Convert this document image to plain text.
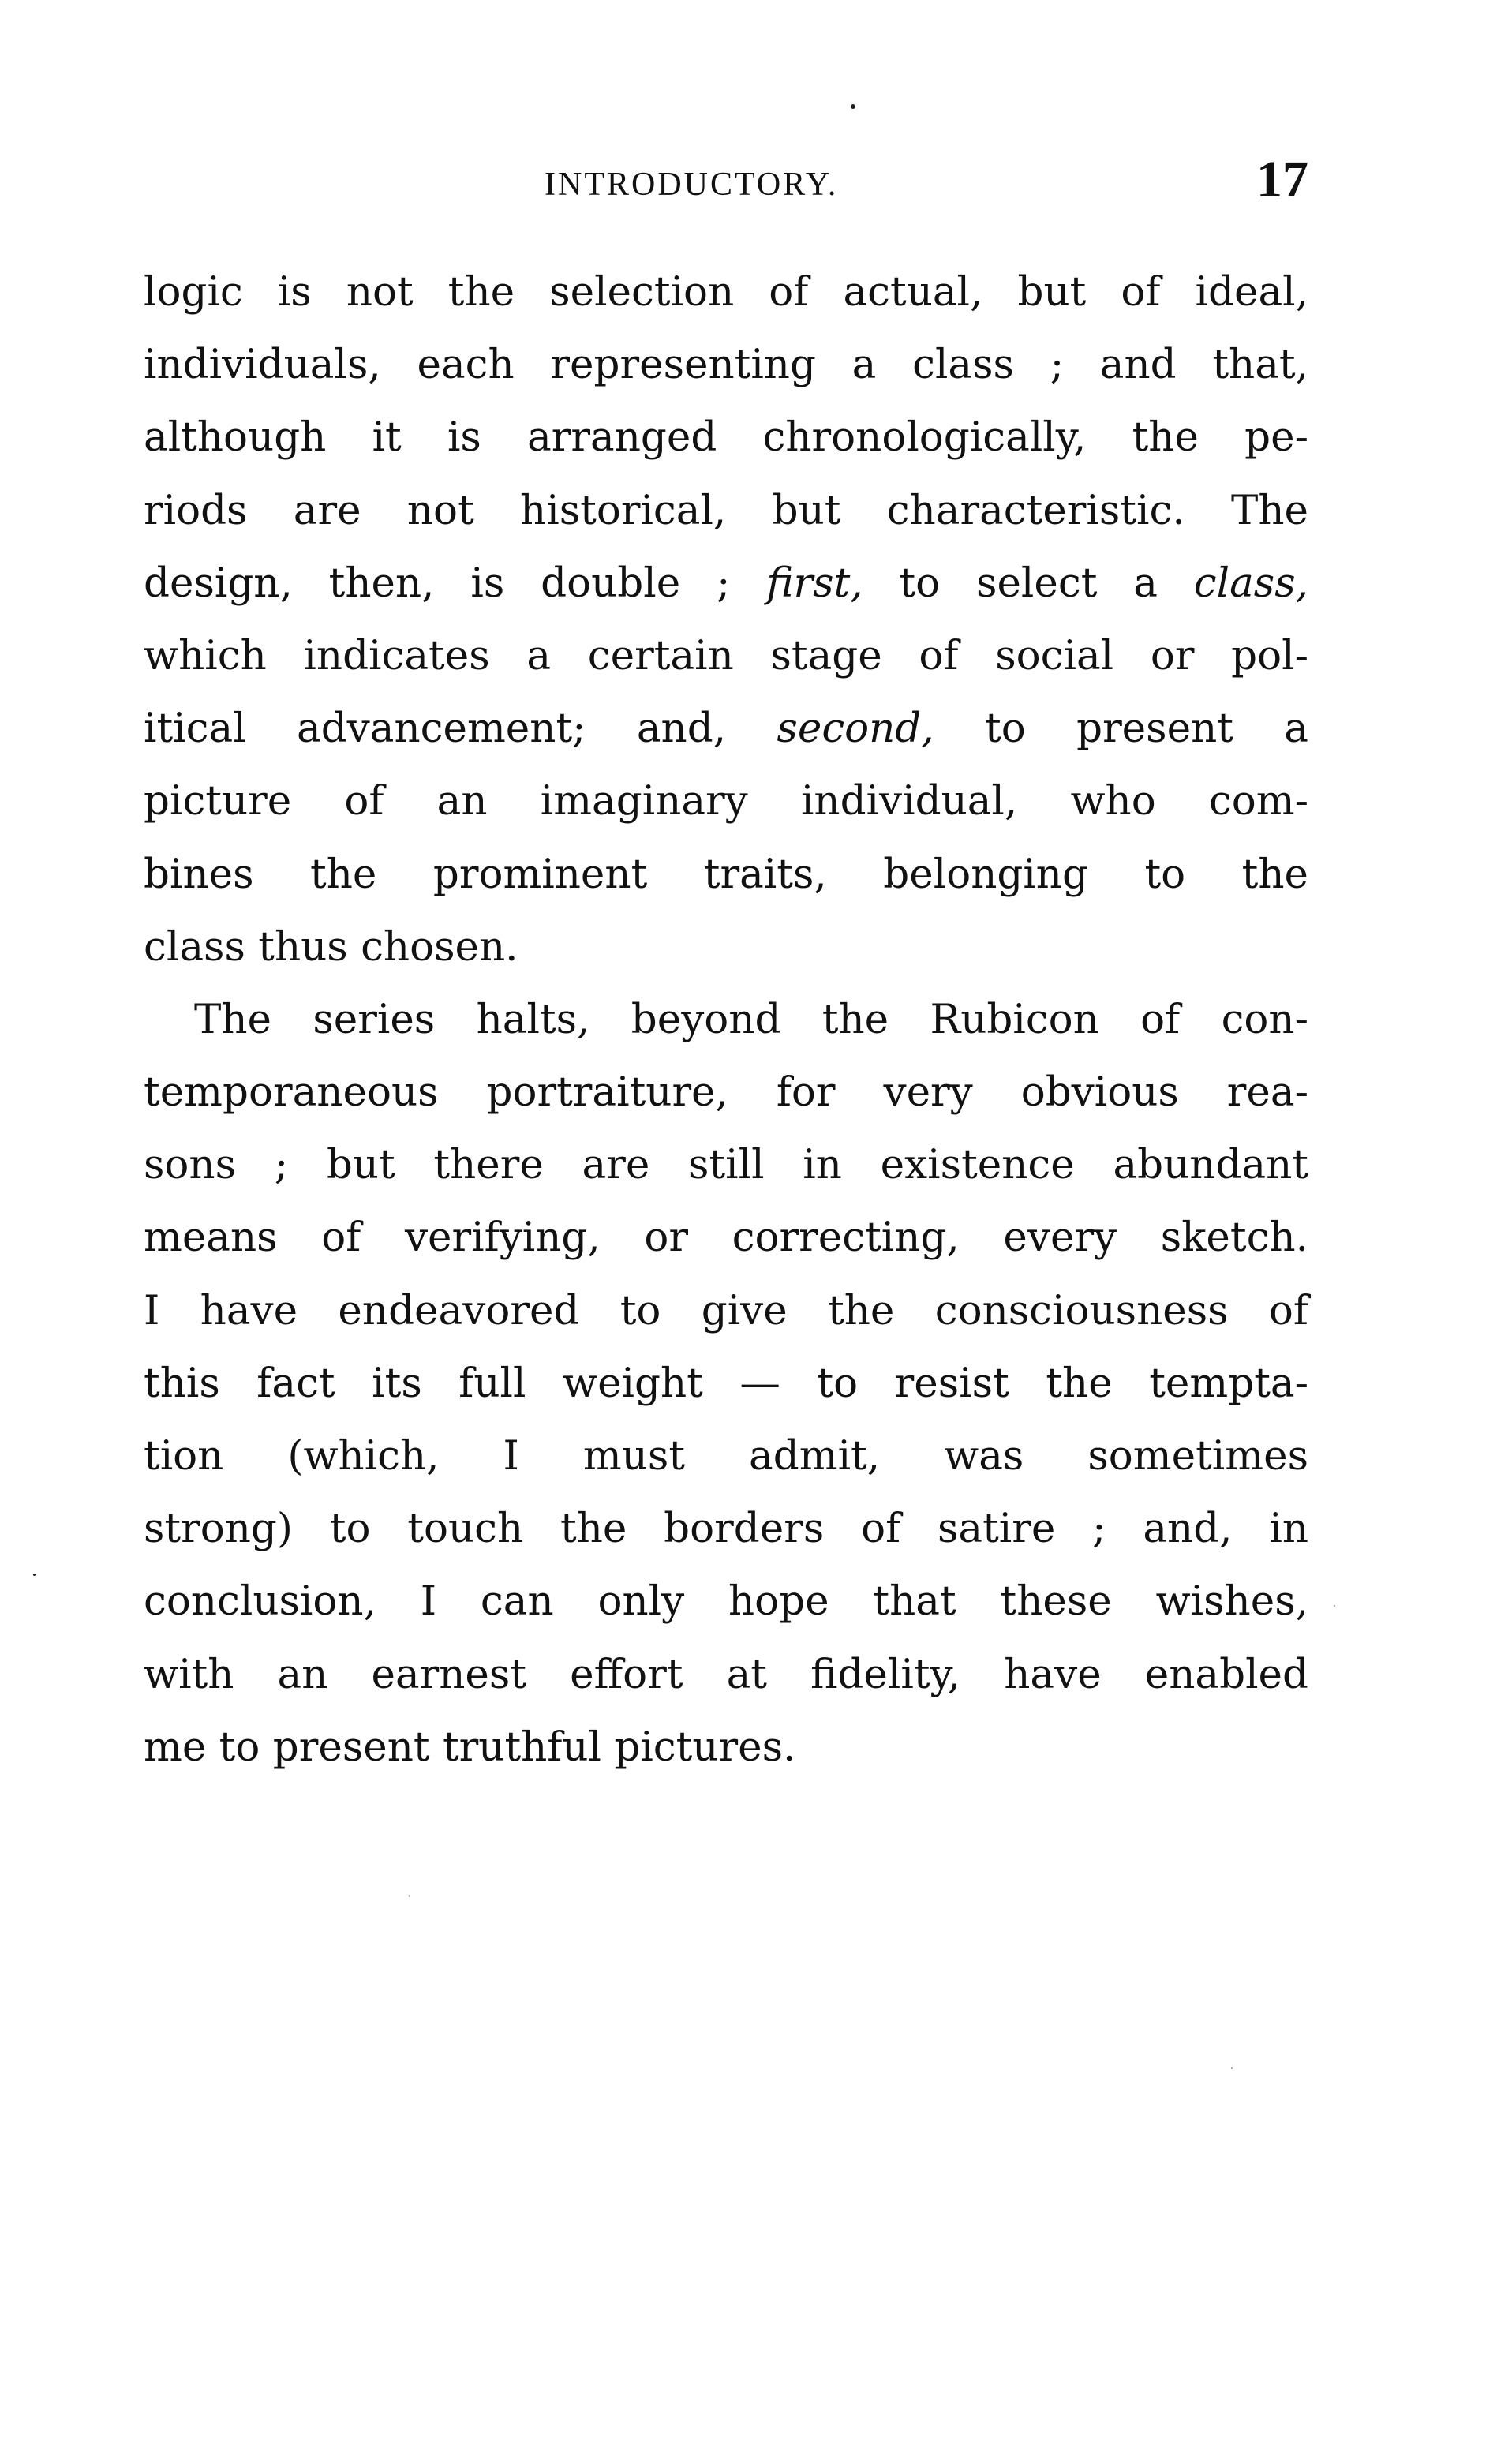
INTRODUCTORY.	17
logic is not the selection of actual, but of ideal,
individuals, each representing a class ; and that,
although it is arranged chronologically, the pe-
riods are not historical, but characteristic. The
design, then, is double ; first, to select a class,
which indicates a certain stage of social or pol-
itical advancement; and, second, to present a
picture of an imaginary individual, who com-
bines the prominent traits, belonging to the
class thus chosen.
The series halts, beyond the Rubicon of con-
temporaneous portraiture, for very obvious rea-
sons ; but there are still in existence abundant
means of verifying, or correcting, every sketch.
I have endeavored to give the consciousness of
this fact its full weight — to resist the tempta-
tion (which, I must admit, was sometimes
strong) to touch the borders of satire ; and, in
conclusion, I can only hope that these wishes,
with an earnest effort at fidelity, have enabled
me to present truthful pictures.
